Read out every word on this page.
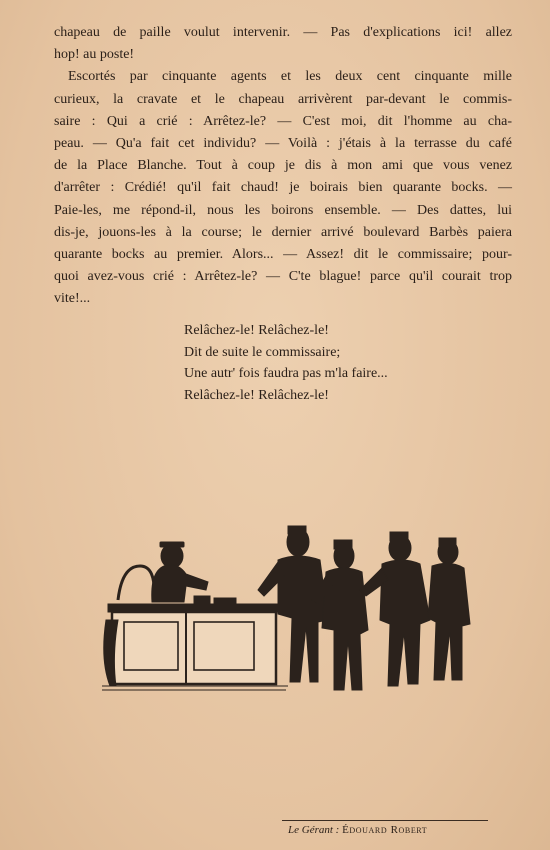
chapeau de paille voulut intervenir. — Pas d'explications ici! allez
hop! au poste!
Escortés par cinquante agents et les deux cent cinquante mille
curieux, la cravate et le chapeau arrivèrent par-devant le commis-
saire : Qui a crié : Arrêtez-le? — C'est moi, dit l'homme au cha-
peau. — Qu'a fait cet individu? — Voilà : j'étais à la terrasse du café
de la Place Blanche. Tout à coup je dis à mon ami que vous venez
d'arrêter : Crédié! qu'il fait chaud! je boirais bien quarante bocks. —
Paie-les, me répond-il, nous les boirons ensemble. — Des dattes, lui
dis-je, jouons-les à la course; le dernier arrivé boulevard Barbès paiera
quarante bocks au premier. Alors... — Assez! dit le commissaire; pour-
quoi avez-vous crié : Arrêtez-le? — C'te blague! parce qu'il courait trop
vite!...
Relâchez-le! Relâchez-le!
Dit de suite le commissaire;
Une autr' fois faudra pas m'la faire...
Relâchez-le! Relâchez-le!
Le Gérant : Édouard Robert
